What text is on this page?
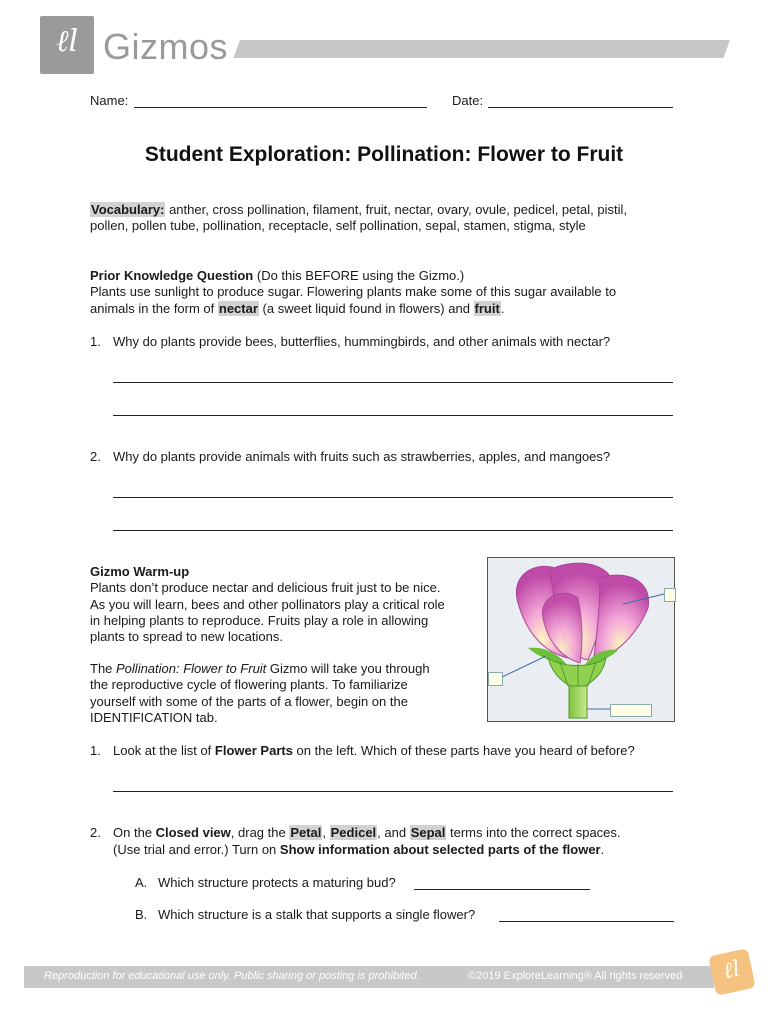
ℓl Gizmos
Name:	Date:
Student Exploration: Pollination: Flower to Fruit
Vocabulary: anther, cross pollination, filament, fruit, nectar, ovary, ovule, pedicel, petal, pistil,
pollen, pollen tube, pollination, receptacle, self pollination, sepal, stamen, stigma, style
Prior Knowledge Question (Do this BEFORE using the Gizmo.)
Plants use sunlight to produce sugar. Flowering plants make some of this sugar available to
animals in the form of nectar (a sweet liquid found in flowers) and fruit.
1. Why do plants provide bees, butterflies, hummingbirds, and other animals with nectar?
2. Why do plants provide animals with fruits such as strawberries, apples, and mangoes?
Gizmo Warm-up
Plants don’t produce nectar and delicious fruit just to be nice.
As you will learn, bees and other pollinators play a critical role
in helping plants to reproduce. Fruits play a role in allowing
plants to spread to new locations.
The Pollination: Flower to Fruit Gizmo will take you through
the reproductive cycle of flowering plants. To familiarize
yourself with some of the parts of a flower, begin on the
IDENTIFICATION tab.
1. Look at the list of Flower Parts on the left. Which of these parts have you heard of before?
2. On the Closed view, drag the Petal, Pedicel, and Sepal terms into the correct spaces.
(Use trial and error.) Turn on Show information about selected parts of the flower.
A. Which structure protects a maturing bud?
B. Which structure is a stalk that supports a single flower?
Reproduction for educational use only. Public sharing or posting is prohibited.	©2019 ExploreLearning® All rights reserved	ℓl
